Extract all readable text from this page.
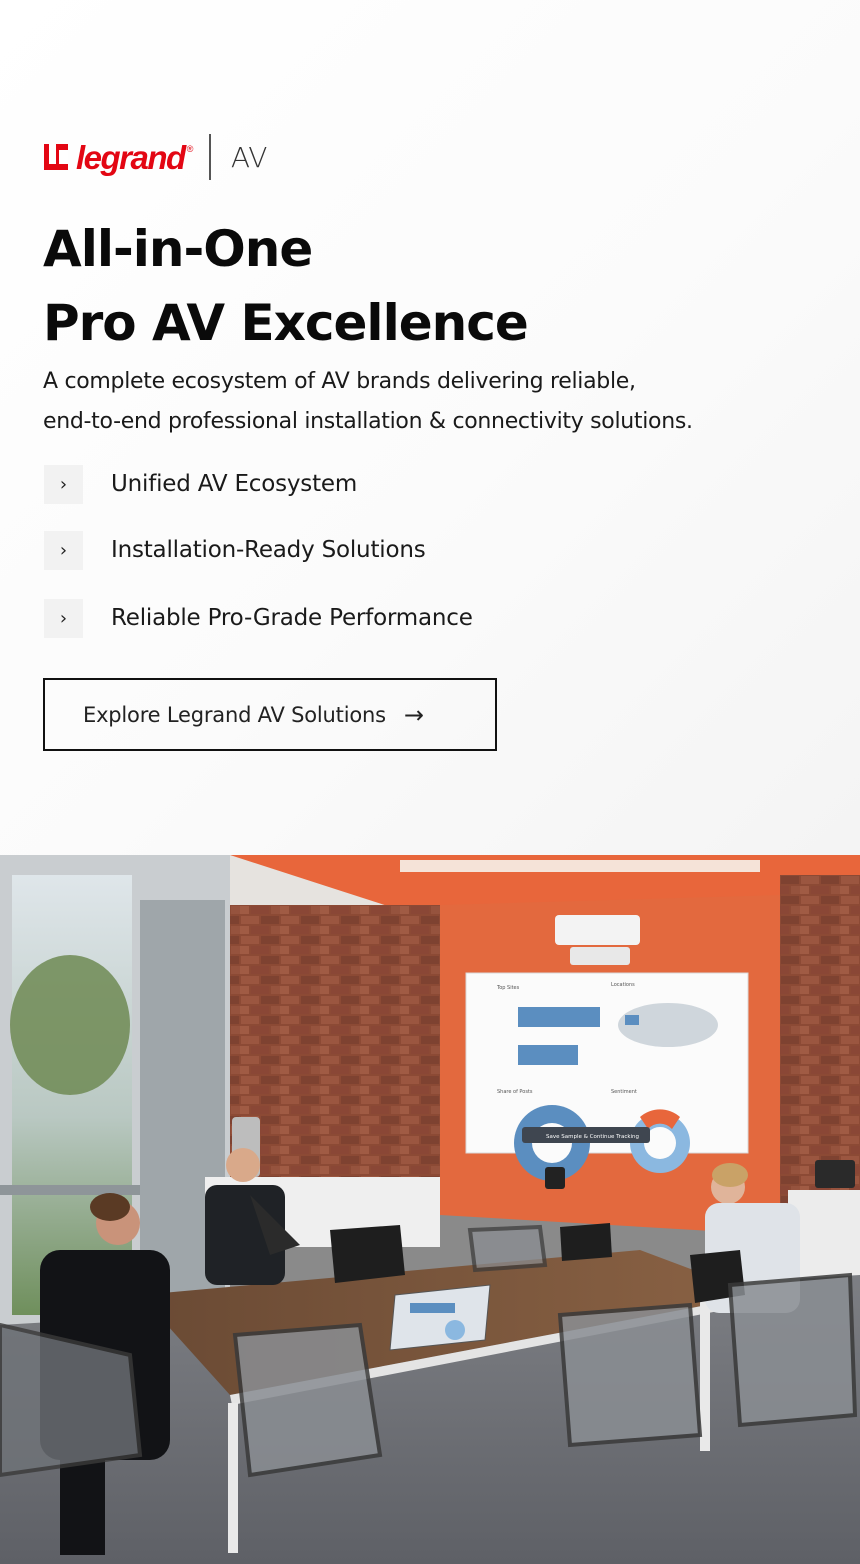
legrand ® AV
All-in-One
Pro AV Excellence

A complete ecosystem of AV brands delivering reliable,
end-to-end professional installation & connectivity solutions.

›	Unified AV Ecosystem
›	Installation-Ready Solutions
›	Reliable Pro-Grade Performance
Explore Legrand AV Solutions →
Top Sites	Locations
Share of Posts	Sentiment
Save Sample & Continue Tracking
